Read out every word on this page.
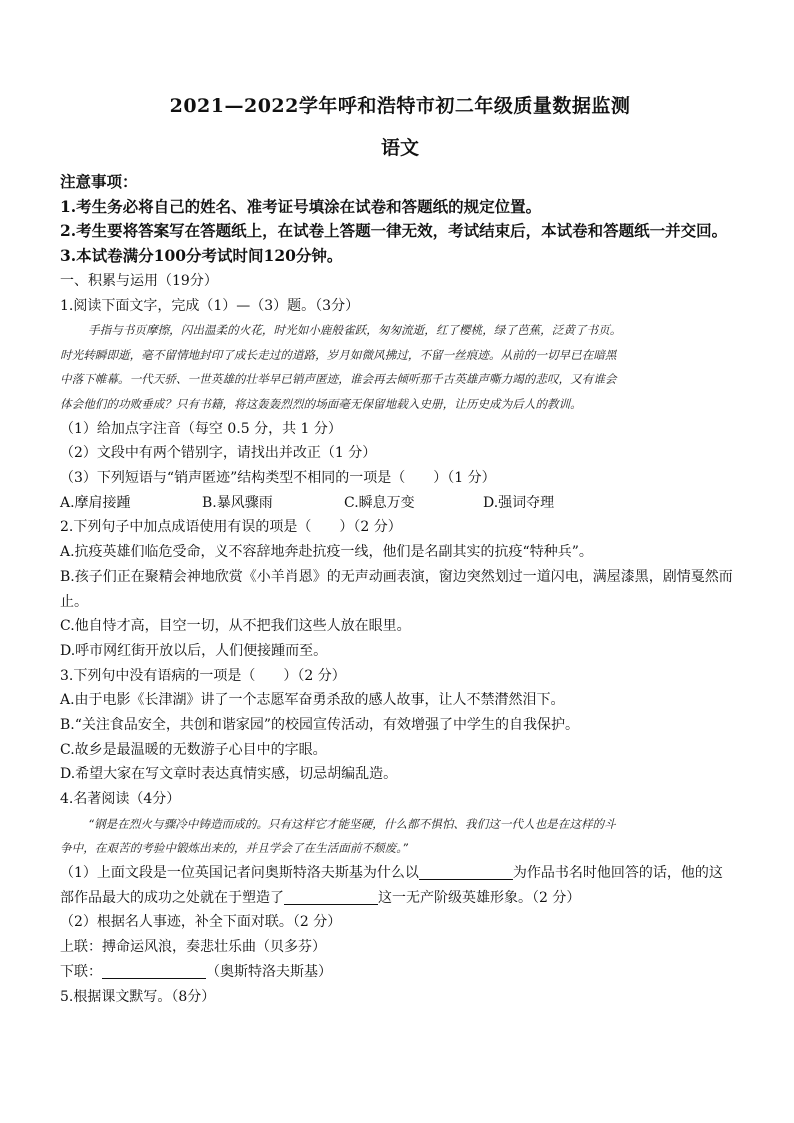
2021—2022学年呼和浩特市初二年级质量数据监测
语文
注意事项：
1.考生务必将自己的姓名、准考证号填涂在试卷和答题纸的规定位置。
2.考生要将答案写在答题纸上，在试卷上答题一律无效，考试结束后，本试卷和答题纸一并交回。
3.本试卷满分100分考试时间120分钟。
一、积累与运用（19分）
1.阅读下面文字，完成（1）—（3）题。（3分）
手指与书页摩擦，闪出温柔的火花，时光如小鹿般雀跃，匆匆流逝，红了樱桃，绿了芭蕉，泛黄了书页。
时光转瞬即逝，毫不留情地封印了成长走过的道路，岁月如微风拂过，不留一丝痕迹。从前的一切早已在暗黑
中落下帷幕。一代天骄、一世英雄的壮举早已销声匿迹，谁会再去倾听那千古英雄声嘶力竭的悲叹，又有谁会
体会他们的功败垂成？只有书籍，将这轰轰烈烈的场面毫无保留地载入史册，让历史成为后人的教训。
（1）给加点字注音（每空 0.5 分，共 1 分）
（2）文段中有两个错别字，请找出并改正（1 分）
（3）下列短语与“销声匿迹”结构类型不相同的一项是（　　）（1 分）
A.摩肩接踵	B.暴风骤雨	C.瞬息万变	D.强词夺理
2.下列句子中加点成语使用有误的项是（　　）（2 分）
A.抗疫英雄们临危受命，义不容辞地奔赴抗疫一线，他们是名副其实的抗疫“特种兵”。
B.孩子们正在聚精会神地欣赏《小羊肖恩》的无声动画表演，窗边突然划过一道闪电，满屋漆黑，剧情戛然而
止。
C.他自恃才高，目空一切，从不把我们这些人放在眼里。
D.呼市网红街开放以后，人们便接踵而至。
3.下列句中没有语病的一项是（　　）（2 分）
A.由于电影《长津湖》讲了一个志愿军奋勇杀敌的感人故事，让人不禁潸然泪下。
B.“关注食品安全，共创和谐家园”的校园宣传活动，有效增强了中学生的自我保护。
C.故乡是最温暖的无数游子心目中的字眼。
D.希望大家在写文章时表达真情实感，切忌胡编乱造。
4.名著阅读（4分）
“钢是在烈火与骤冷中铸造而成的。只有这样它才能坚硬，什么都不惧怕、我们这一代人也是在这样的斗
争中，在艰苦的考验中锻炼出来的，并且学会了在生活面前不颓废。”
（1）上面文段是一位英国记者问奥斯特洛夫斯基为什么以	为作品书名时他回答的话，他的这
部作品最大的成功之处就在于塑造了	这一无产阶级英雄形象。（2 分）
（2）根据名人事迹，补全下面对联。（2 分）
上联：搏命运风浪，奏悲壮乐曲（贝多芬）
下联：	（奥斯特洛夫斯基）
5.根据课文默写。（8分）
